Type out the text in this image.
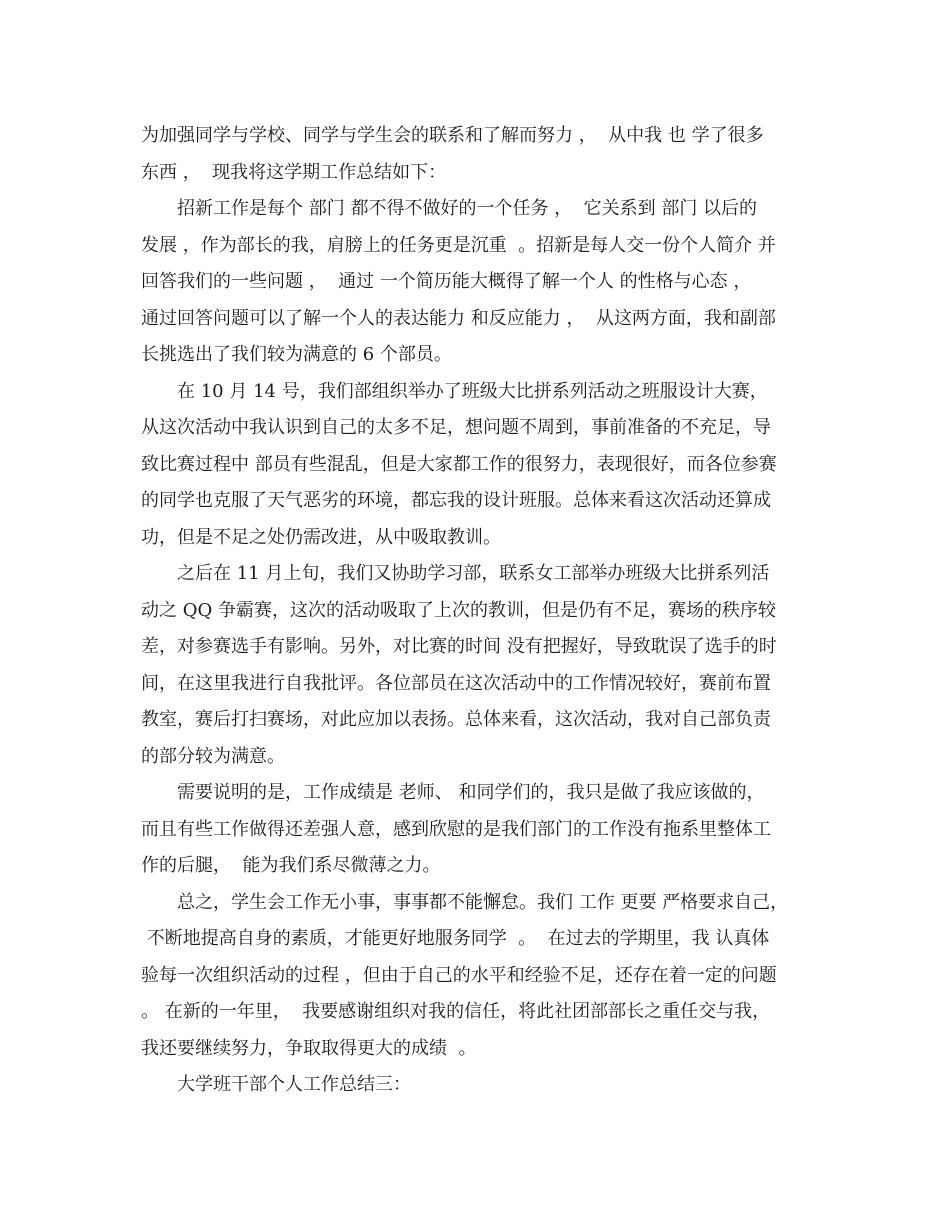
为加强同学与学校、同学与学生会的联系和了解而努力 ，  从中我 也 学了很多
东西 ，  现我将这学期工作总结如下：
招新工作是每个 部门 都不得不做好的一个任务 ，  它关系到 部门 以后的
发展 ，作为部长的我，肩膀上的任务更是沉重  。招新是每人交一份个人简介 并
回答我们的一些问题 ，  通过 一个简历能大概得了解一个人 的性格与心态 ，
通过回答问题可以了解一个人的表达能力 和反应能力 ，  从这两方面，我和副部
长挑选出了我们较为满意的 6 个部员。
在 10 月 14 号，我们部组织举办了班级大比拼系列活动之班服设计大赛，
从这次活动中我认识到自己的太多不足，想问题不周到，事前准备的不充足，导
致比赛过程中 部员有些混乱，但是大家都工作的很努力，表现很好，而各位参赛
的同学也克服了天气恶劣的环境，都忘我的设计班服。总体来看这次活动还算成
功，但是不足之处仍需改进，从中吸取教训。
之后在 11 月上旬，我们又协助学习部，联系女工部举办班级大比拼系列活
动之 QQ 争霸赛，这次的活动吸取了上次的教训，但是仍有不足，赛场的秩序较
差，对参赛选手有影响。另外，对比赛的时间 没有把握好，导致耽误了选手的时
间，在这里我进行自我批评。各位部员在这次活动中的工作情况较好，赛前布置
教室，赛后打扫赛场，对此应加以表扬。总体来看，这次活动，我对自己部负责
的部分较为满意。
需要说明的是，工作成绩是 老师、 和同学们的，我只是做了我应该做的，
而且有些工作做得还差强人意，感到欣慰的是我们部门的工作没有拖系里整体工
作的后腿，  能为我们系尽微薄之力。
总之，学生会工作无小事，事事都不能懈怠。我们 工作 更要 严格要求自己，
不断地提高自身的素质，才能更好地服务同学  。  在过去的学期里，我 认真体
验每一次组织活动的过程 ，但由于自己的水平和经验不足，还存在着一定的问题
。 在新的一年里，  我要感谢组织对我的信任，将此社团部部长之重任交与我，
我还要继续努力，争取取得更大的成绩  。
大学班干部个人工作总结三：
